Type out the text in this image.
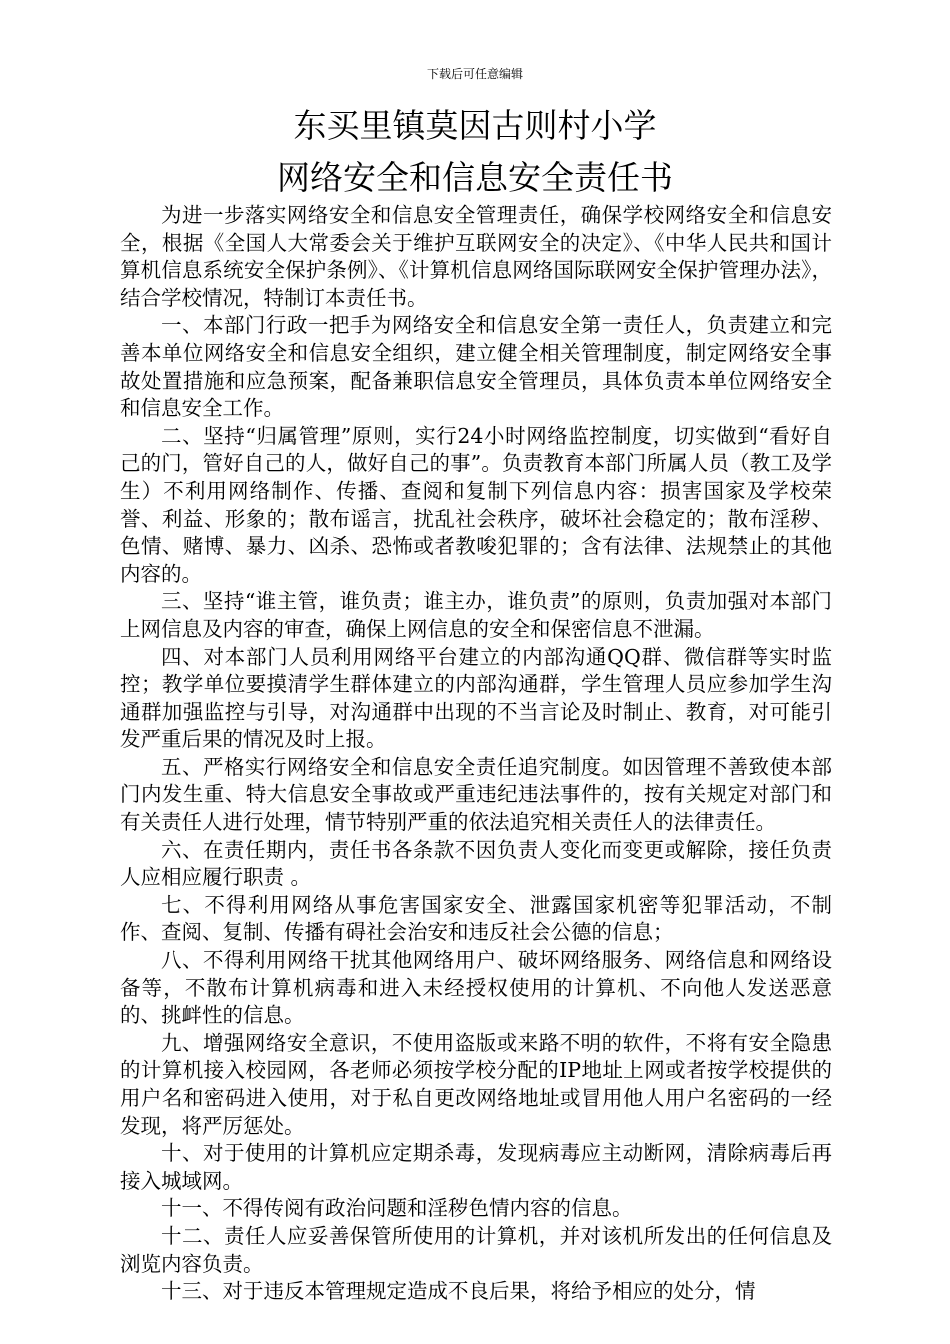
下载后可任意编辑
东买里镇莫因古则村小学
网络安全和信息安全责任书

为进一步落实网络安全和信息安全管理责任，确保学校网络安全和信息安全，根据《全国人大常委会关于维护互联网安全的决定》、《中华人民共和国计算机信息系统安全保护条例》、《计算机信息网络国际联网安全保护管理办法》，结合学校情况，特制订本责任书。

一、本部门行政一把手为网络安全和信息安全第一责任人，负责建立和完善本单位网络安全和信息安全组织，建立健全相关管理制度，制定网络安全事故处置措施和应急预案，配备兼职信息安全管理员，具体负责本单位网络安全和信息安全工作。

二、坚持“归属管理”原则，实行24小时网络监控制度，切实做到“看好自己的门，管好自己的人，做好自己的事”。负责教育本部门所属人员（教工及学生）不利用网络制作、传播、查阅和复制下列信息内容：损害国家及学校荣誉、利益、形象的；散布谣言，扰乱社会秩序，破坏社会稳定的；散布淫秽、色情、赌博、暴力、凶杀、恐怖或者教唆犯罪的；含有法律、法规禁止的其他内容的。

三、坚持“谁主管，谁负责；谁主办，谁负责”的原则，负责加强对本部门上网信息及内容的审查，确保上网信息的安全和保密信息不泄漏。

四、对本部门人员利用网络平台建立的内部沟通QQ群、微信群等实时监控；教学单位要摸清学生群体建立的内部沟通群，学生管理人员应参加学生沟通群加强监控与引导，对沟通群中出现的不当言论及时制止、教育，对可能引发严重后果的情况及时上报。

五、严格实行网络安全和信息安全责任追究制度。如因管理不善致使本部门内发生重、特大信息安全事故或严重违纪违法事件的，按有关规定对部门和有关责任人进行处理，情节特别严重的依法追究相关责任人的法律责任。

六、在责任期内，责任书各条款不因负责人变化而变更或解除，接任负责人应相应履行职责 。

七、不得利用网络从事危害国家安全、泄露国家机密等犯罪活动，不制作、查阅、复制、传播有碍社会治安和违反社会公德的信息；

八、不得利用网络干扰其他网络用户、破坏网络服务、网络信息和网络设备等，不散布计算机病毒和进入未经授权使用的计算机、不向他人发送恶意的、挑衅性的信息。

九、增强网络安全意识，不使用盗版或来路不明的软件，不将有安全隐患的计算机接入校园网，各老师必须按学校分配的IP地址上网或者按学校提供的用户名和密码进入使用，对于私自更改网络地址或冒用他人用户名密码的一经发现，将严厉惩处。

十、对于使用的计算机应定期杀毒，发现病毒应主动断网，清除病毒后再接入城域网。

十一、不得传阅有政治问题和淫秽色情内容的信息。

十二、责任人应妥善保管所使用的计算机，并对该机所发出的任何信息及浏览内容负责。

十三、对于违反本管理规定造成不良后果，将给予相应的处分，情
